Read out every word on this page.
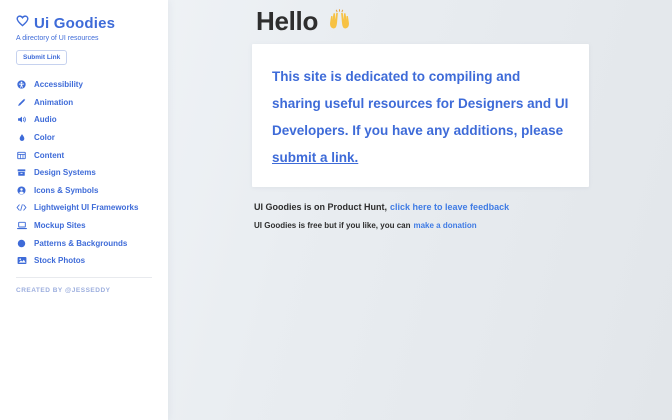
Ui Goodies
A directory of UI resources
Submit Link
Accessibility
Animation
Audio
Color
Content
Design Systems
Icons & Symbols
Lightweight UI Frameworks
Mockup Sites
Patterns & Backgrounds
Stock Photos
CREATED BY @JESSEDDY
Hello

This site is dedicated to compiling and sharing useful resources for Designers and UI Developers. If you have any additions, please submit a link.

UI Goodies is on Product Hunt, click here to leave feedback

UI Goodies is free but if you like, you can make a donation
